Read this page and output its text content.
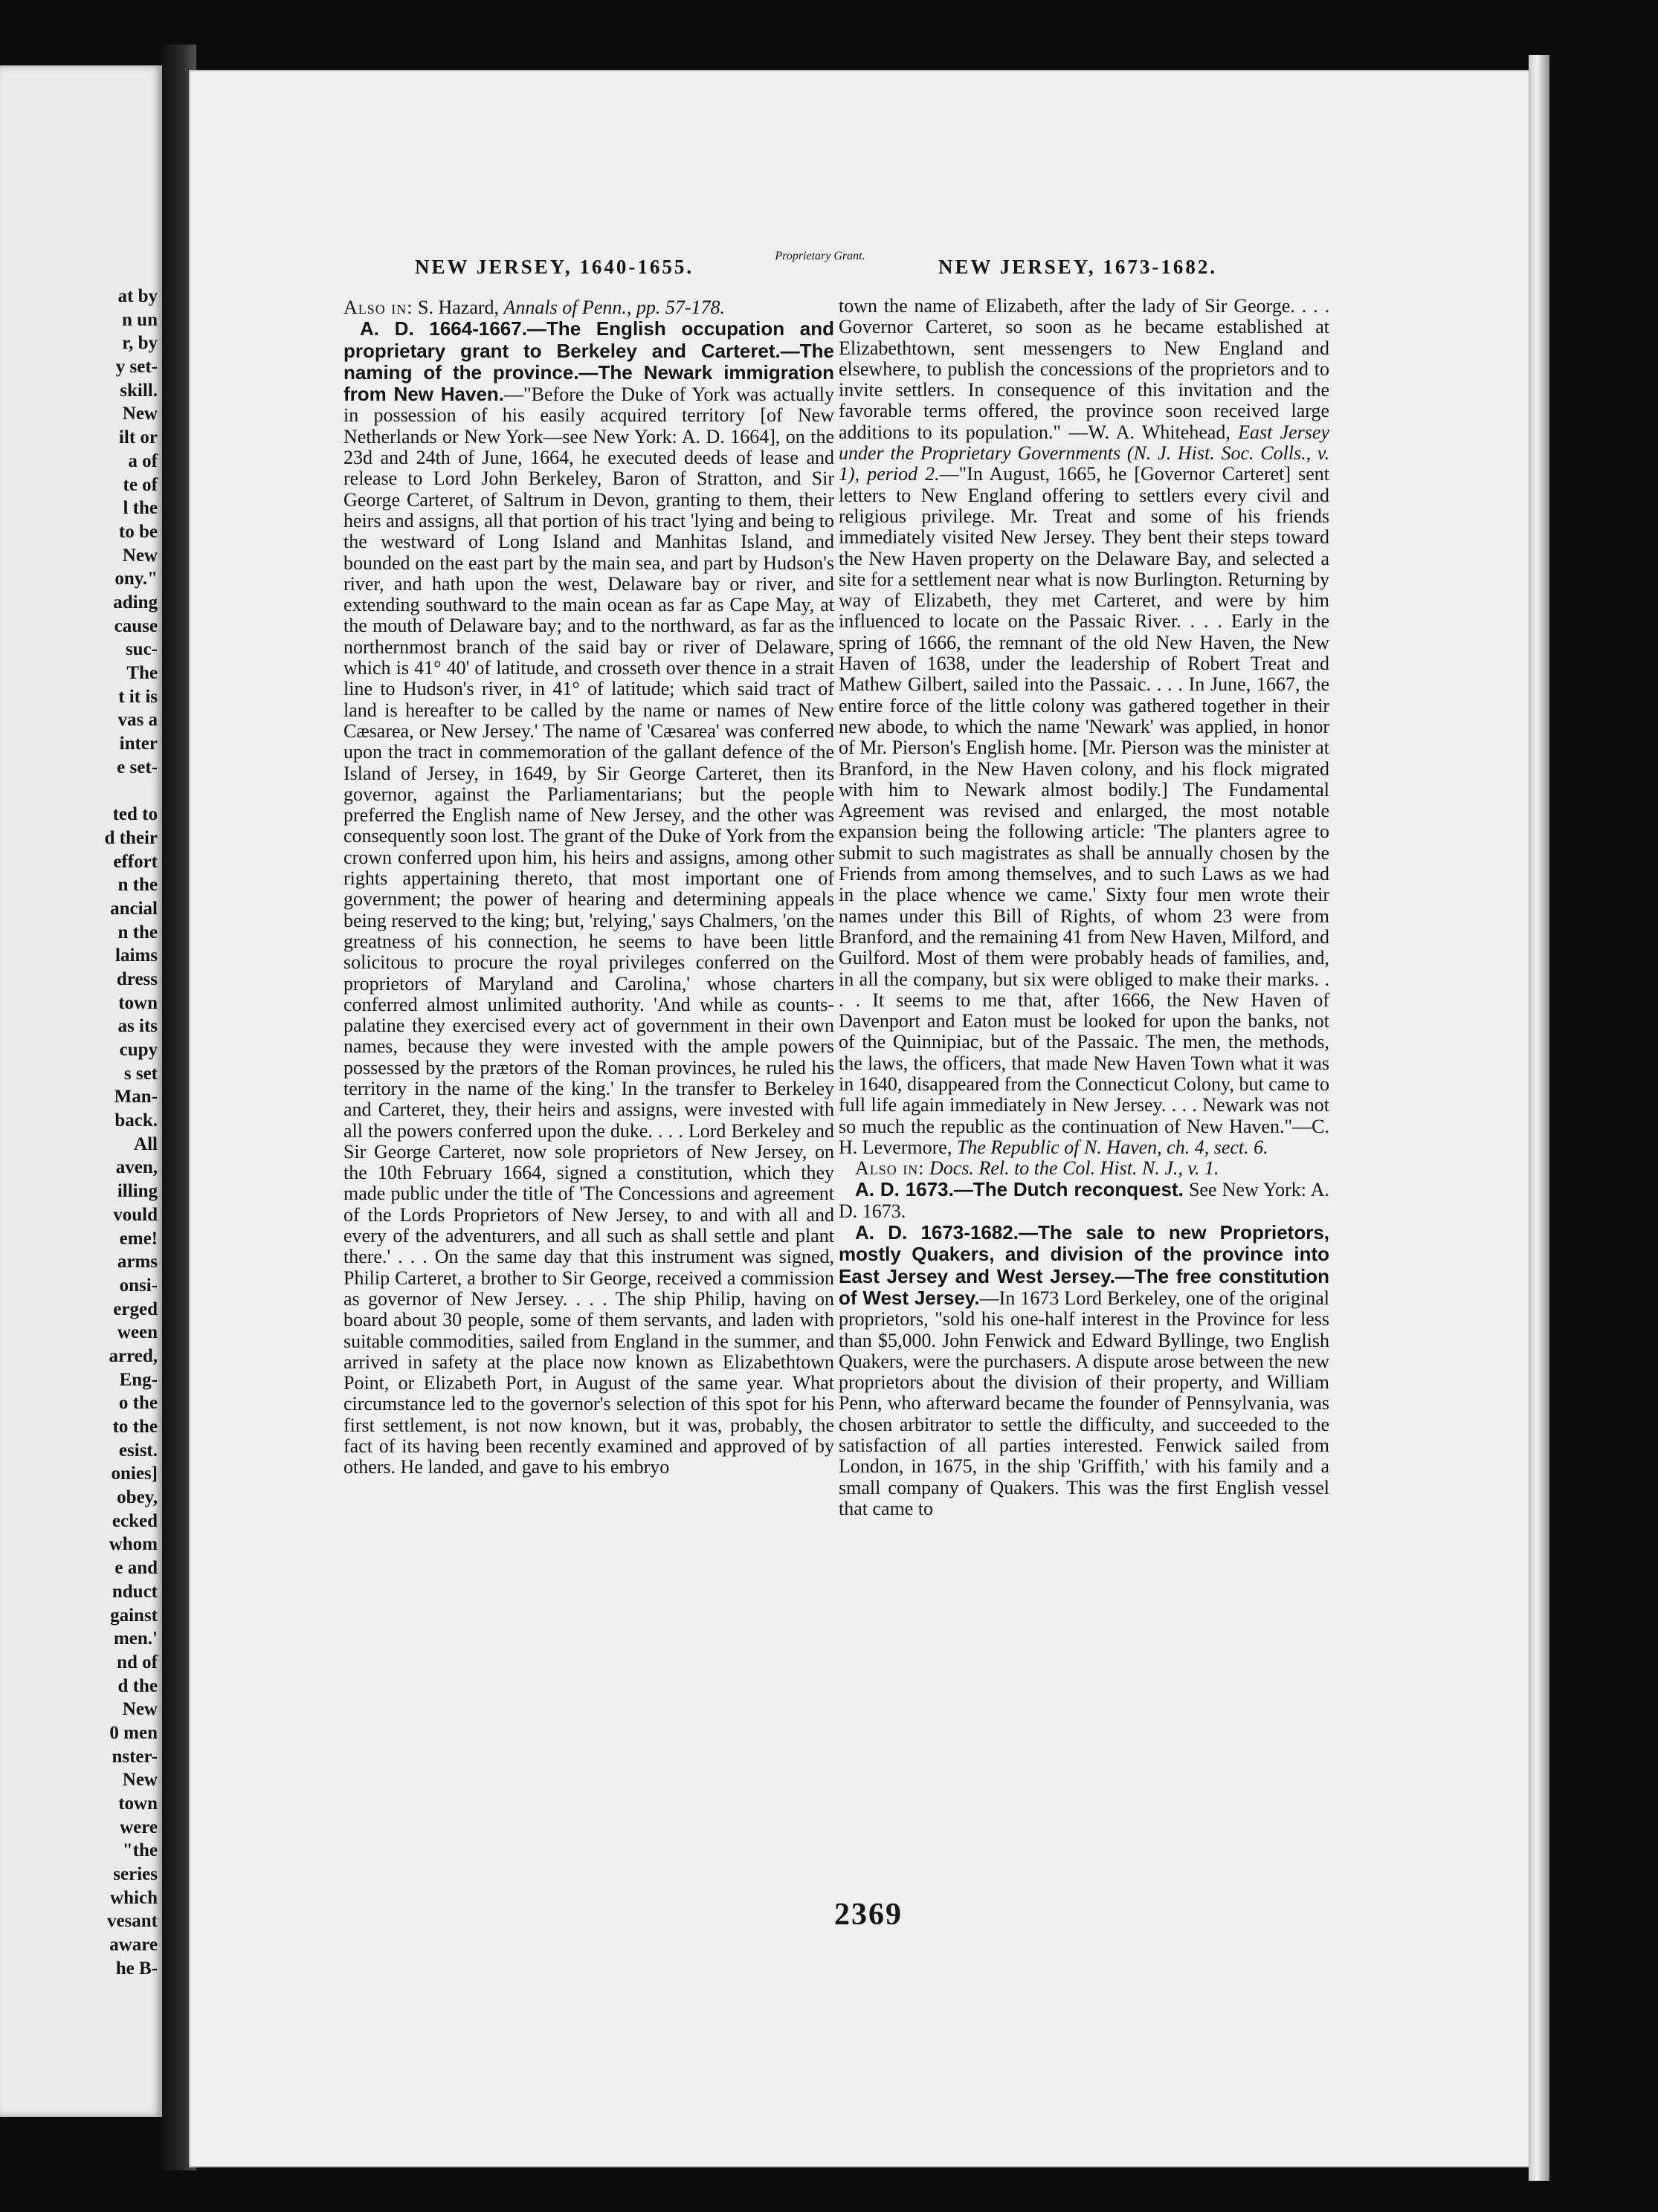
at by
n un
r, by
y set-
skill.
New
ilt or
a of
te of
l the
to be
New
ony."
ading
cause
suc-
The
t it is
vas a
inter
e set-
ted to
d their
effort
n the
ancial
n the
laims
dress
town
as its
cupy
s set
Man-
back.
All
aven,
illing
vould
eme!
arms
onsi-
erged
ween
arred,
Eng-
o the
to the
esist.
onies]
obey,
ecked
whom
e and
nduct
gainst
men.'
nd of
d the
New
0 men
nster-
New
town
were
"the
series
which
vesant
aware
he B-
NEW JERSEY, 1640-1655.	Proprietary Grant.	NEW JERSEY, 1673-1682.

Also in: S. Hazard, Annals of Penn., pp. 57-178.

A. D. 1664-1667.—The English occupation and proprietary grant to Berkeley and Carteret.—The naming of the province.—The Newark immigration from New Haven.—"Before the Duke of York was actually in possession of his easily acquired territory [of New Netherlands or New York—see New York: A. D. 1664], on the 23d and 24th of June, 1664, he executed deeds of lease and release to Lord John Berkeley, Baron of Stratton, and Sir George Carteret, of Saltrum in Devon, granting to them, their heirs and assigns, all that portion of his tract 'lying and being to the westward of Long Island and Manhitas Island, and bounded on the east part by the main sea, and part by Hudson's river, and hath upon the west, Delaware bay or river, and extending southward to the main ocean as far as Cape May, at the mouth of Delaware bay; and to the northward, as far as the northernmost branch of the said bay or river of Delaware, which is 41° 40' of latitude, and crosseth over thence in a strait line to Hudson's river, in 41° of latitude; which said tract of land is hereafter to be called by the name or names of New Cæsarea, or New Jersey.' The name of 'Cæsarea' was conferred upon the tract in commemoration of the gallant defence of the Island of Jersey, in 1649, by Sir George Carteret, then its governor, against the Parliamentarians; but the people preferred the English name of New Jersey, and the other was consequently soon lost. The grant of the Duke of York from the crown conferred upon him, his heirs and assigns, among other rights appertaining thereto, that most important one of government; the power of hearing and determining appeals being reserved to the king; but, 'relying,' says Chalmers, 'on the greatness of his connection, he seems to have been little solicitous to procure the royal privileges conferred on the proprietors of Maryland and Carolina,' whose charters conferred almost unlimited authority. 'And while as counts-palatine they exercised every act of government in their own names, because they were invested with the ample powers possessed by the prætors of the Roman provinces, he ruled his territory in the name of the king.' In the transfer to Berkeley and Carteret, they, their heirs and assigns, were invested with all the powers conferred upon the duke. . . . Lord Berkeley and Sir George Carteret, now sole proprietors of New Jersey, on the 10th February 1664, signed a constitution, which they made public under the title of 'The Concessions and agreement of the Lords Proprietors of New Jersey, to and with all and every of the adventurers, and all such as shall settle and plant there.' . . . On the same day that this instrument was signed, Philip Carteret, a brother to Sir George, received a commission as governor of New Jersey. . . . The ship Philip, having on board about 30 people, some of them servants, and laden with suitable commodities, sailed from England in the summer, and arrived in safety at the place now known as Elizabethtown Point, or Elizabeth Port, in August of the same year. What circumstance led to the governor's selection of this spot for his first settlement, is not now known, but it was, probably, the fact of its having been recently examined and approved of by others. He landed, and gave to his embryo

town the name of Elizabeth, after the lady of Sir George. . . . Governor Carteret, so soon as he became established at Elizabethtown, sent messengers to New England and elsewhere, to publish the concessions of the proprietors and to invite settlers. In consequence of this invitation and the favorable terms offered, the province soon received large additions to its population." —W. A. Whitehead, East Jersey under the Proprietary Governments (N. J. Hist. Soc. Colls., v. 1), period 2.—"In August, 1665, he [Governor Carteret] sent letters to New England offering to settlers every civil and religious privilege. Mr. Treat and some of his friends immediately visited New Jersey. They bent their steps toward the New Haven property on the Delaware Bay, and selected a site for a settlement near what is now Burlington. Returning by way of Elizabeth, they met Carteret, and were by him influenced to locate on the Passaic River. . . . Early in the spring of 1666, the remnant of the old New Haven, the New Haven of 1638, under the leadership of Robert Treat and Mathew Gilbert, sailed into the Passaic. . . . In June, 1667, the entire force of the little colony was gathered together in their new abode, to which the name 'Newark' was applied, in honor of Mr. Pierson's English home. [Mr. Pierson was the minister at Branford, in the New Haven colony, and his flock migrated with him to Newark almost bodily.] The Fundamental Agreement was revised and enlarged, the most notable expansion being the following article: 'The planters agree to submit to such magistrates as shall be annually chosen by the Friends from among themselves, and to such Laws as we had in the place whence we came.' Sixty four men wrote their names under this Bill of Rights, of whom 23 were from Branford, and the remaining 41 from New Haven, Milford, and Guilford. Most of them were probably heads of families, and, in all the company, but six were obliged to make their marks. . . . It seems to me that, after 1666, the New Haven of Davenport and Eaton must be looked for upon the banks, not of the Quinnipiac, but of the Passaic. The men, the methods, the laws, the officers, that made New Haven Town what it was in 1640, disappeared from the Connecticut Colony, but came to full life again immediately in New Jersey. . . . Newark was not so much the republic as the continuation of New Haven."—C. H. Levermore, The Republic of N. Haven, ch. 4, sect. 6.

Also in: Docs. Rel. to the Col. Hist. N. J., v. 1.

A. D. 1673.—The Dutch reconquest. See New York: A. D. 1673.

A. D. 1673-1682.—The sale to new Proprietors, mostly Quakers, and division of the province into East Jersey and West Jersey.—The free constitution of West Jersey.—In 1673 Lord Berkeley, one of the original proprietors, "sold his one-half interest in the Province for less than $5,000. John Fenwick and Edward Byllinge, two English Quakers, were the purchasers. A dispute arose between the new proprietors about the division of their property, and William Penn, who afterward became the founder of Pennsylvania, was chosen arbitrator to settle the difficulty, and succeeded to the satisfaction of all parties interested. Fenwick sailed from London, in 1675, in the ship 'Griffith,' with his family and a small company of Quakers. This was the first English vessel that came to

2369
